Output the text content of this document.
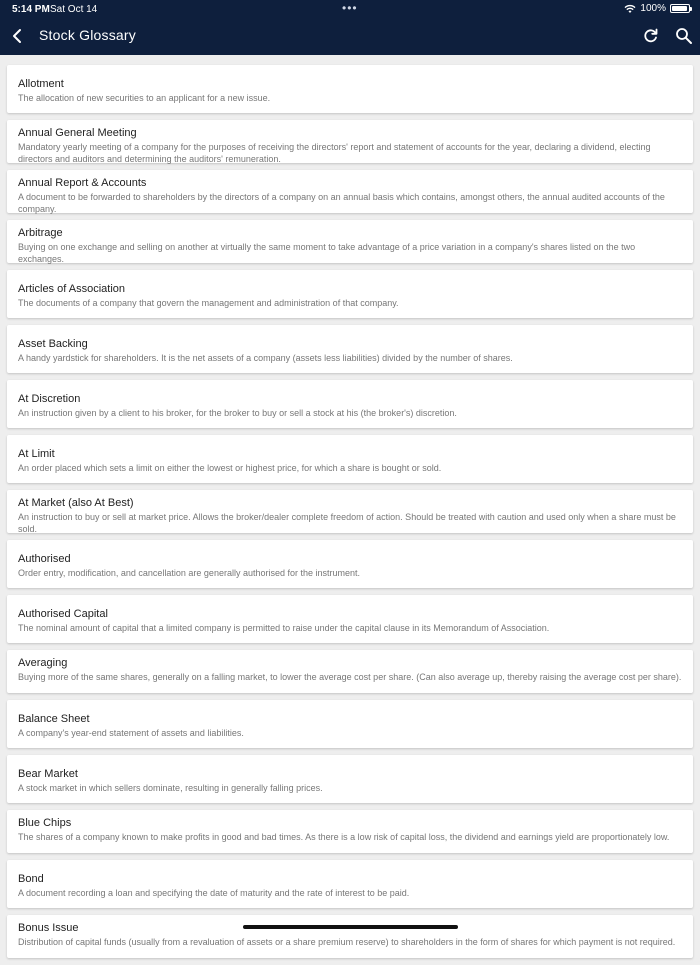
5:14 PM Sat Oct 14	•••	100%
Stock Glossary
Allotment
The allocation of new securities to an applicant for a new issue.
Annual General Meeting
Mandatory yearly meeting of a company for the purposes of receiving the directors' report and statement of accounts for the year, declaring a dividend, electing directors and auditors and determining the auditors' remuneration.
Annual Report & Accounts
A document to be forwarded to shareholders by the directors of a company on an annual basis which contains, amongst others, the annual audited accounts of the company.
Arbitrage
Buying on one exchange and selling on another at virtually the same moment to take advantage of a price variation in a company's shares listed on the two exchanges.
Articles of Association
The documents of a company that govern the management and administration of that company.
Asset Backing
A handy yardstick for shareholders. It is the net assets of a company (assets less liabilities) divided by the number of shares.
At Discretion
An instruction given by a client to his broker, for the broker to buy or sell a stock at his (the broker's) discretion.
At Limit
An order placed which sets a limit on either the lowest or highest price, for which a share is bought or sold.
At Market (also At Best)
An instruction to buy or sell at market price. Allows the broker/dealer complete freedom of action. Should be treated with caution and used only when a share must be sold.
Authorised
Order entry, modification, and cancellation are generally authorised for the instrument.
Authorised Capital
The nominal amount of capital that a limited company is permitted to raise under the capital clause in its Memorandum of Association.
Averaging
Buying more of the same shares, generally on a falling market, to lower the average cost per share. (Can also average up, thereby raising the average cost per share).
Balance Sheet
A company's year-end statement of assets and liabilities.
Bear Market
A stock market in which sellers dominate, resulting in generally falling prices.
Blue Chips
The shares of a company known to make profits in good and bad times. As there is a low risk of capital loss, the dividend and earnings yield are proportionately low.
Bond
A document recording a loan and specifying the date of maturity and the rate of interest to be paid.
Bonus Issue
Distribution of capital funds (usually from a revaluation of assets or a share premium reserve) to shareholders in the form of shares for which payment is not required.
